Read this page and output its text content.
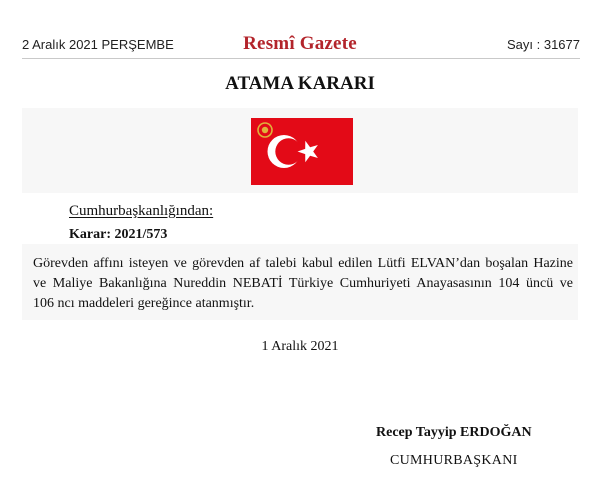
2 Aralık 2021 PERŞEMBE	Resmî Gazete	Sayı : 31677
ATAMA KARARI
Cumhurbaşkanlığından:
Karar: 2021/573
Görevden affını isteyen ve görevden af talebi kabul edilen Lütfi ELVAN’dan boşalan Hazine
ve Maliye Bakanlığına Nureddin NEBATİ Türkiye Cumhuriyeti Anayasasının 104 üncü ve
106 ncı maddeleri gereğince atanmıştır.
1 Aralık 2021
Recep Tayyip ERDOĞAN
CUMHURBAŞKANI
